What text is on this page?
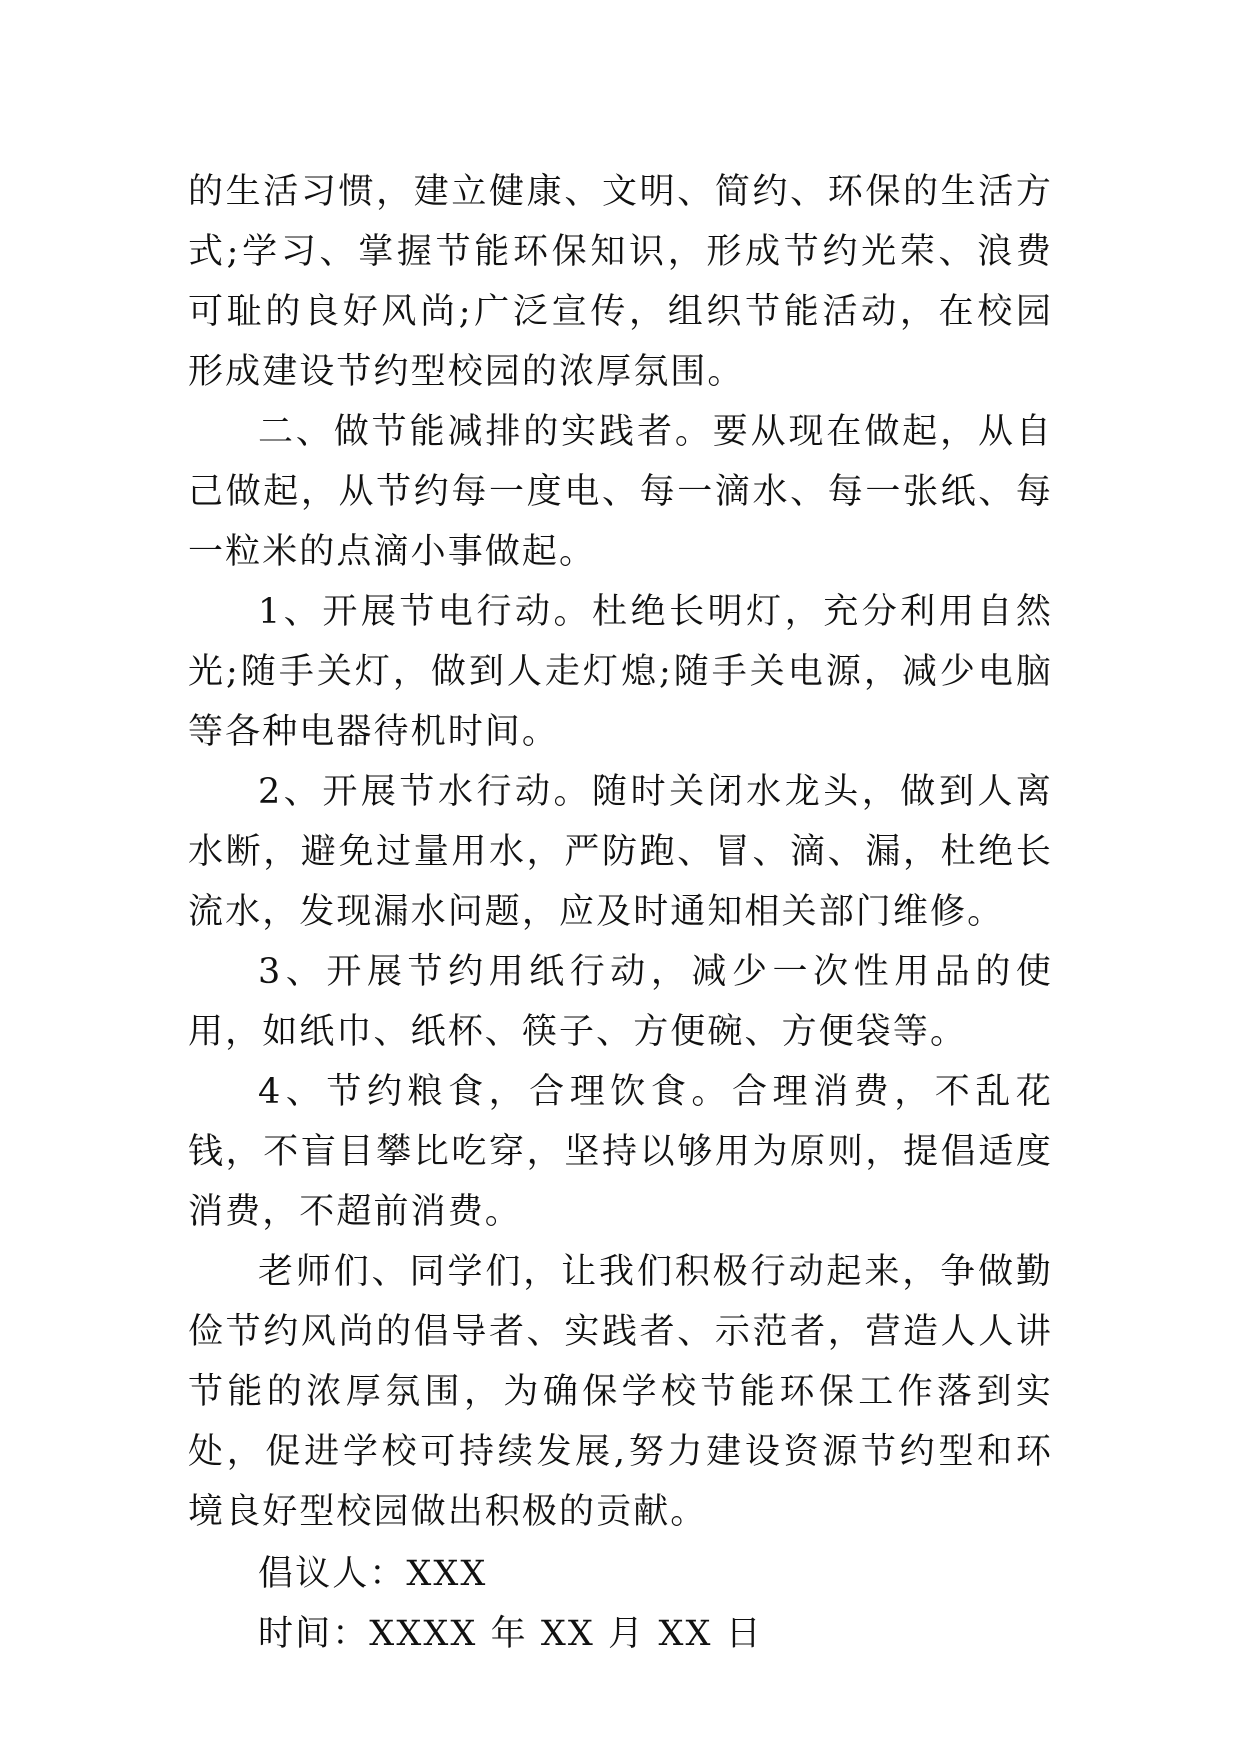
的生活习惯，建立健康、文明、简约、环保的生活方式;学习、掌握节能环保知识，形成节约光荣、浪费可耻的良好风尚;广泛宣传，组织节能活动，在校园形成建设节约型校园的浓厚氛围。

二、做节能减排的实践者。要从现在做起，从自己做起，从节约每一度电、每一滴水、每一张纸、每一粒米的点滴小事做起。

1、开展节电行动。杜绝长明灯，充分利用自然光;随手关灯，做到人走灯熄;随手关电源，减少电脑等各种电器待机时间。

2、开展节水行动。随时关闭水龙头，做到人离水断，避免过量用水，严防跑、冒、滴、漏，杜绝长流水，发现漏水问题，应及时通知相关部门维修。

3、开展节约用纸行动，减少一次性用品的使用，如纸巾、纸杯、筷子、方便碗、方便袋等。

4、节约粮食，合理饮食。合理消费，不乱花钱，不盲目攀比吃穿，坚持以够用为原则，提倡适度消费，不超前消费。

老师们、同学们，让我们积极行动起来，争做勤俭节约风尚的倡导者、实践者、示范者，营造人人讲节能的浓厚氛围，为确保学校节能环保工作落到实处，促进学校可持续发展,努力建设资源节约型和环境良好型校园做出积极的贡献。

倡议人：XXX

时间：XXXX 年 XX 月 XX 日
